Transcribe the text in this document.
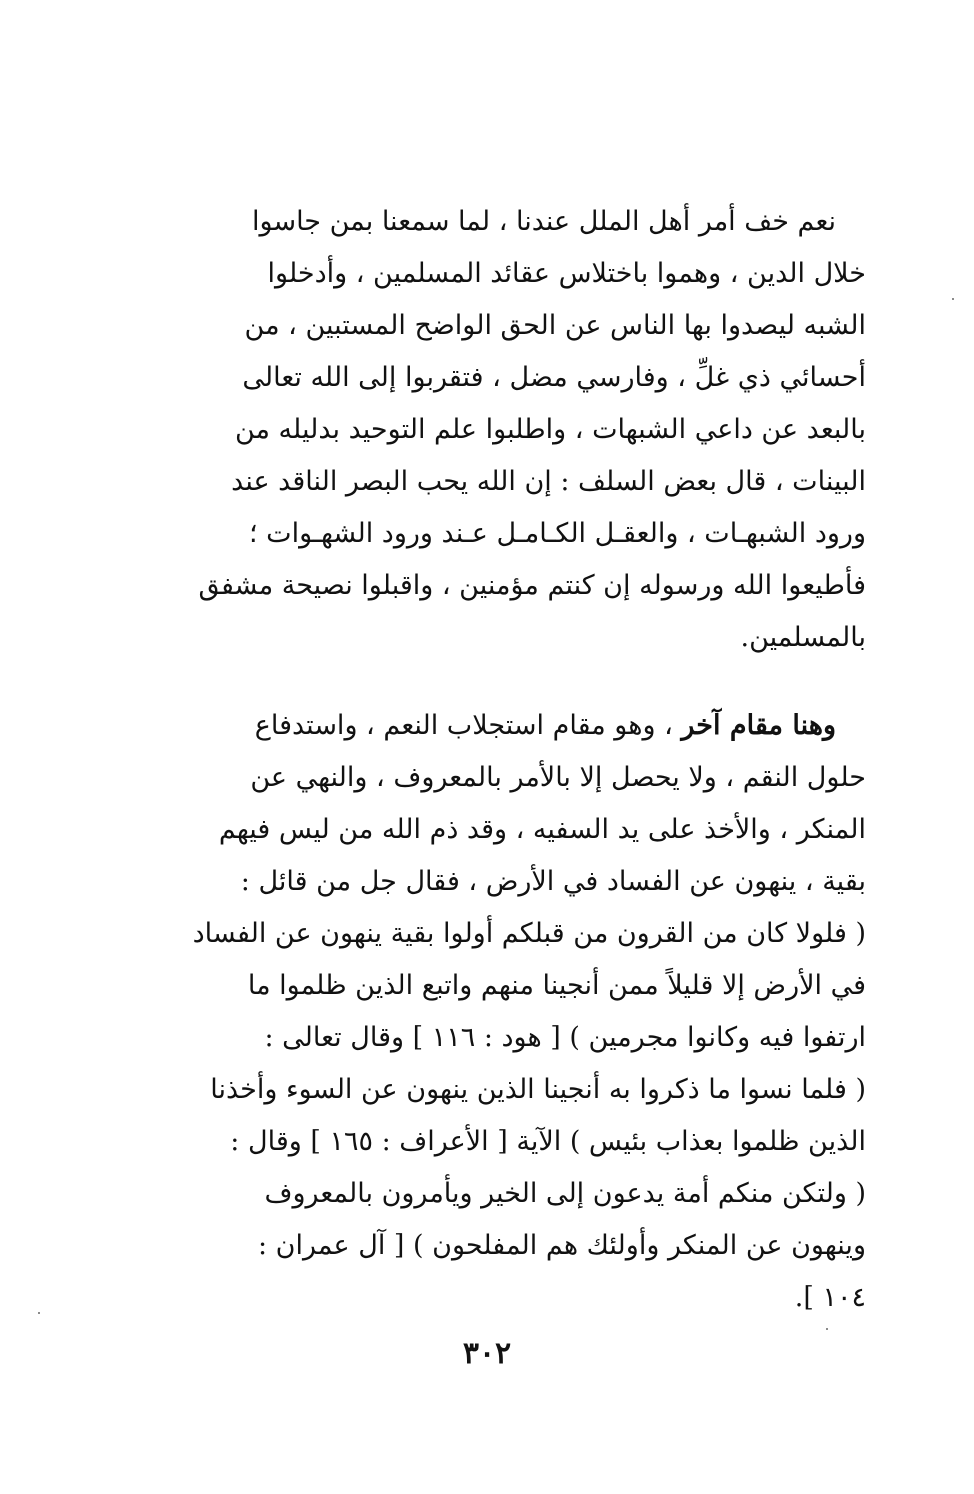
نعم خف أمر أهل الملل عندنا ، لما سمعنا بمن جاسوا
خلال الدين ، وهموا باختلاس عقائد المسلمين ، وأدخلوا
الشبه ليصدوا بها الناس عن الحق الواضح المستبين ، من
أحسائي ذي غلِّ ، وفارسي مضل ، فتقربوا إلى الله تعالى
بالبعد عن داعي الشبهات ، واطلبوا علم التوحيد بدليله من
البينات ، قال بعض السلف : إن الله يحب البصر الناقد عند
ورود الشبهـات ، والعقـل الكـامـل عـند ورود الشهـوات ؛
فأطيعوا الله ورسوله إن كنتم مؤمنين ، واقبلوا نصيحة مشفق
بالمسلمين.
وهنا مقام آخر ، وهو مقام استجلاب النعم ، واستدفاع
حلول النقم ، ولا يحصل إلا بالأمر بالمعروف ، والنهي عن
المنكر ، والأخذ على يد السفيه ، وقد ذم الله من ليس فيهم
بقية ، ينهون عن الفساد في الأرض ، فقال جل من قائل :
( فلولا كان من القرون من قبلكم أولوا بقية ينهون عن الفساد
في الأرض إلا قليلاً ممن أنجينا منهم واتبع الذين ظلموا ما
ارتفوا فيه وكانوا مجرمين ) [ هود : ١١٦ ] وقال تعالى :
( فلما نسوا ما ذكروا به أنجينا الذين ينهون عن السوء وأخذنا
الذين ظلموا بعذاب بئيس ) الآية [ الأعراف : ١٦٥ ] وقال :
( ولتكن منكم أمة يدعون إلى الخير ويأمرون بالمعروف
وينهون عن المنكر وأولئك هم المفلحون ) [ آل عمران :
١٠٤ ].
٣٠٢
